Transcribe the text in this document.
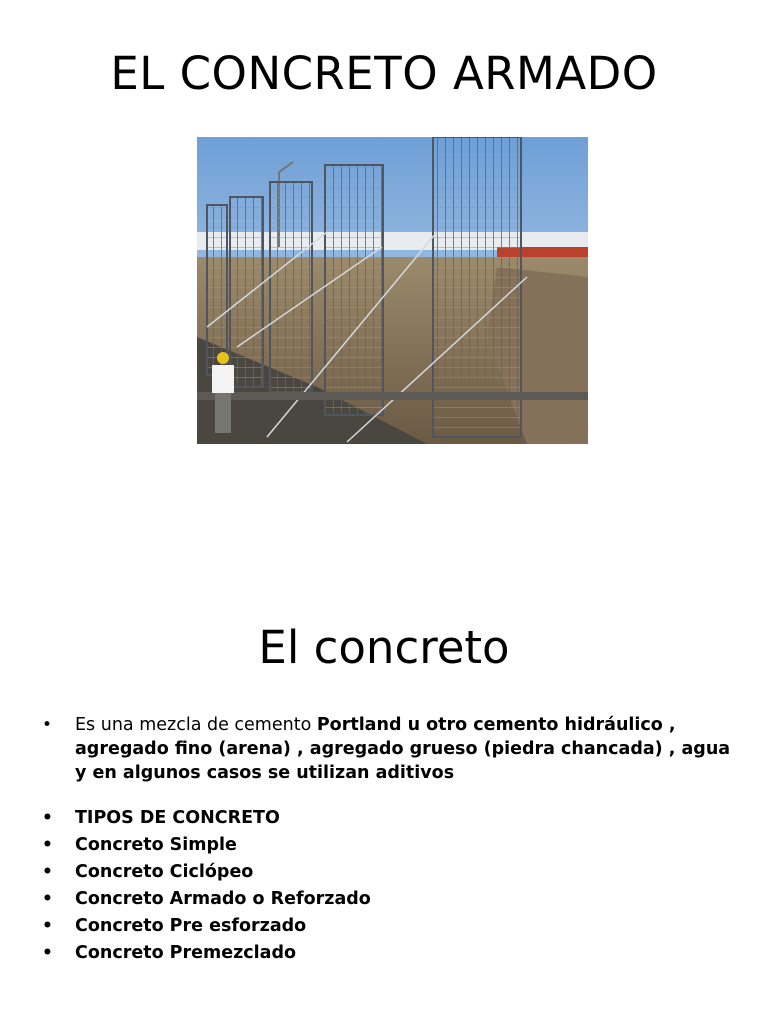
EL CONCRETO ARMADO
El concreto
• Es una mezcla de cemento Portland u otro cemento hidráulico , agregado fino (arena) , agregado grueso (piedra chancada) , agua y en algunos casos se utilizan aditivos
• TIPOS DE CONCRETO
• Concreto Simple
• Concreto Ciclópeo
• Concreto Armado o Reforzado
• Concreto Pre esforzado
• Concreto Premezclado
